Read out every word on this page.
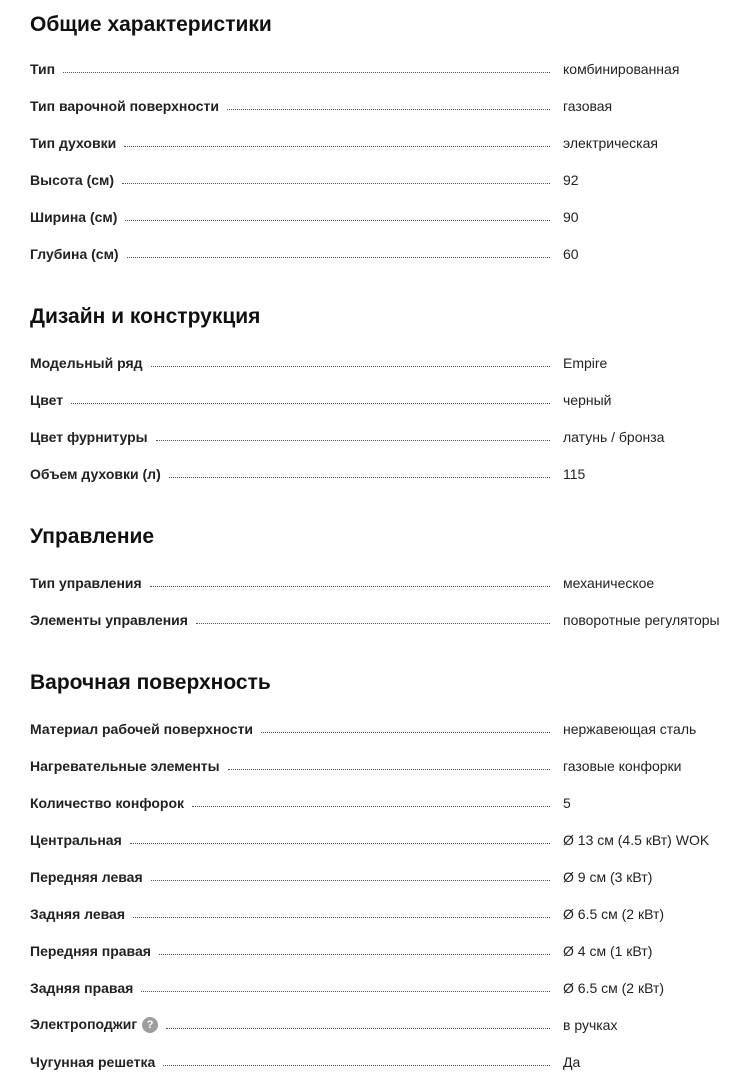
Общие характеристики
Тип	комбинированная
Тип варочной поверхности	газовая
Тип духовки	электрическая
Высота (см)	92
Ширина (см)	90
Глубина (см)	60
Дизайн и конструкция
Модельный ряд	Empire
Цвет	черный
Цвет фурнитуры	латунь / бронза
Объем духовки (л)	115
Управление
Тип управления	механическое
Элементы управления	поворотные регуляторы
Варочная поверхность
Материал рабочей поверхности	нержавеющая сталь
Нагревательные элементы	газовые конфорки
Количество конфорок	5
Центральная	Ø 13 см (4.5 кВт) WOK
Передняя левая	Ø 9 см (3 кВт)
Задняя левая	Ø 6.5 см (2 кВт)
Передняя правая	Ø 4 см (1 кВт)
Задняя правая	Ø 6.5 см (2 кВт)
Электроподжиг ?	в ручках
Чугунная решетка	Да
